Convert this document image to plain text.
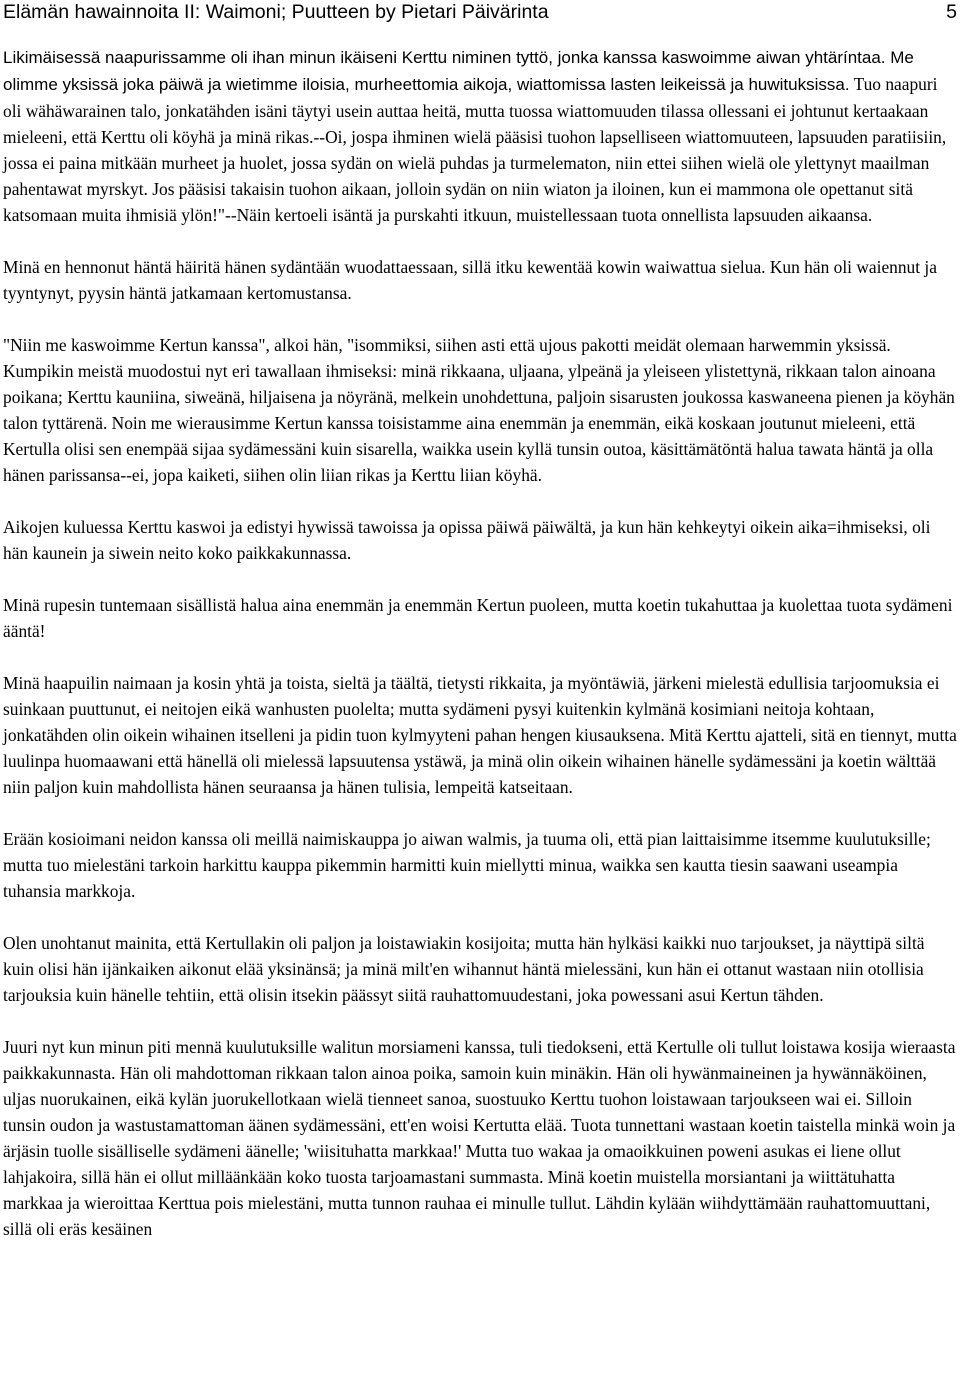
Elämän hawainnoita II: Waimoni; Puutteen by Pietari Päivärinta	5

Likimäisessä naapurissamme oli ihan minun ikäiseni Kerttu niminen tyttö, jonka kanssa kaswoimme aiwan yhtäríntaa. Me olimme yksissä joka päiwä ja wietimme iloisia, murheettomia aikoja, wiattomissa lasten leikeissä ja huwituksissa. Tuo naapuri oli wähäwarainen talo, jonkatähden isäni täytyi usein auttaa heitä, mutta tuossa wiattomuuden tilassa ollessani ei johtunut kertaakaan mieleeni, että Kerttu oli köyhä ja minä rikas.--Oi, jospa ihminen wielä pääsisi tuohon lapselliseen wiattomuuteen, lapsuuden paratiisiin, jossa ei paina mitkään murheet ja huolet, jossa sydän on wielä puhdas ja turmelematon, niin ettei siihen wielä ole ylettynyt maailman pahentawat myrskyt. Jos pääsisi takaisin tuohon aikaan, jolloin sydän on niin wiaton ja iloinen, kun ei mammona ole opettanut sitä katsomaan muita ihmisiä ylön!"--Näin kertoeli isäntä ja purskahti itkuun, muistellessaan tuota onnellista lapsuuden aikaansa.

Minä en hennonut häntä häiritä hänen sydäntään wuodattaessaan, sillä itku kewentää kowin waiwattua sielua. Kun hän oli waiennut ja tyyntynyt, pyysin häntä jatkamaan kertomustansa.

"Niin me kaswoimme Kertun kanssa", alkoi hän, "isommiksi, siihen asti että ujous pakotti meidät olemaan harwemmin yksissä. Kumpikin meistä muodostui nyt eri tawallaan ihmiseksi: minä rikkaana, uljaana, ylpeänä ja yleiseen ylistettynä, rikkaan talon ainoana poikana; Kerttu kauniina, siweänä, hiljaisena ja nöyränä, melkein unohdettuna, paljoin sisarusten joukossa kaswaneena pienen ja köyhän talon tyttärenä. Noin me wierausimme Kertun kanssa toisistamme aina enemmän ja enemmän, eikä koskaan joutunut mieleeni, että Kertulla olisi sen enempää sijaa sydämessäni kuin sisarella, waikka usein kyllä tunsin outoa, käsittämätöntä halua tawata häntä ja olla hänen parissansa--ei, jopa kaiketi, siihen olin liian rikas ja Kerttu liian köyhä.

Aikojen kuluessa Kerttu kaswoi ja edistyi hywissä tawoissa ja opissa päiwä päiwältä, ja kun hän kehkeytyi oikein aika=ihmiseksi, oli hän kaunein ja siwein neito koko paikkakunnassa.

Minä rupesin tuntemaan sisällistä halua aina enemmän ja enemmän Kertun puoleen, mutta koetin tukahuttaa ja kuolettaa tuota sydämeni ääntä!

Minä haapuilin naimaan ja kosin yhtä ja toista, sieltä ja täältä, tietysti rikkaita, ja myöntäwiä, järkeni mielestä edullisia tarjoomuksia ei suinkaan puuttunut, ei neitojen eikä wanhusten puolelta; mutta sydämeni pysyi kuitenkin kylmänä kosimiani neitoja kohtaan, jonkatähden olin oikein wihainen itselleni ja pidin tuon kylmyyteni pahan hengen kiusauksena. Mitä Kerttu ajatteli, sitä en tiennyt, mutta luulinpa huomaawani että hänellä oli mielessä lapsuutensa ystäwä, ja minä olin oikein wihainen hänelle sydämessäni ja koetin wälttää niin paljon kuin mahdollista hänen seuraansa ja hänen tulisia, lempeitä katseitaan.

Erään kosioimani neidon kanssa oli meillä naimiskauppa jo aiwan walmis, ja tuuma oli, että pian laittaisimme itsemme kuulutuksille; mutta tuo mielestäni tarkoin harkittu kauppa pikemmin harmitti kuin miellytti minua, waikka sen kautta tiesin saawani useampia tuhansia markkoja.

Olen unohtanut mainita, että Kertullakin oli paljon ja loistawiakin kosijoita; mutta hän hylkäsi kaikki nuo tarjoukset, ja näyttipä siltä kuin olisi hän ijänkaiken aikonut elää yksinänsä; ja minä milt'en wihannut häntä mielessäni, kun hän ei ottanut wastaan niin otollisia tarjouksia kuin hänelle tehtiin, että olisin itsekin päässyt siitä rauhattomuudestani, joka powessani asui Kertun tähden.

Juuri nyt kun minun piti mennä kuulutuksille walitun morsiameni kanssa, tuli tiedokseni, että Kertulle oli tullut loistawa kosija wieraasta paikkakunnasta. Hän oli mahdottoman rikkaan talon ainoa poika, samoin kuin minäkin. Hän oli hywänmaineinen ja hywännäköinen, uljas nuorukainen, eikä kylän juorukellotkaan wielä tienneet sanoa, suostuuko Kerttu tuohon loistawaan tarjoukseen wai ei. Silloin tunsin oudon ja wastustamattoman äänen sydämessäni, ett'en woisi Kertutta elää. Tuota tunnettani wastaan koetin taistella minkä woin ja ärjäsin tuolle sisälliselle sydämeni äänelle; 'wiisituhatta markkaa!' Mutta tuo wakaa ja omaoikkuinen poweni asukas ei liene ollut lahjakoira, sillä hän ei ollut milläänkään koko tuosta tarjoamastani summasta. Minä koetin muistella morsiantani ja wiittätuhatta markkaa ja wieroittaa Kerttua pois mielestäni, mutta tunnon rauhaa ei minulle tullut. Lähdin kylään wiihdyttämään rauhattomuuttani, sillä oli eräs kesäinen
